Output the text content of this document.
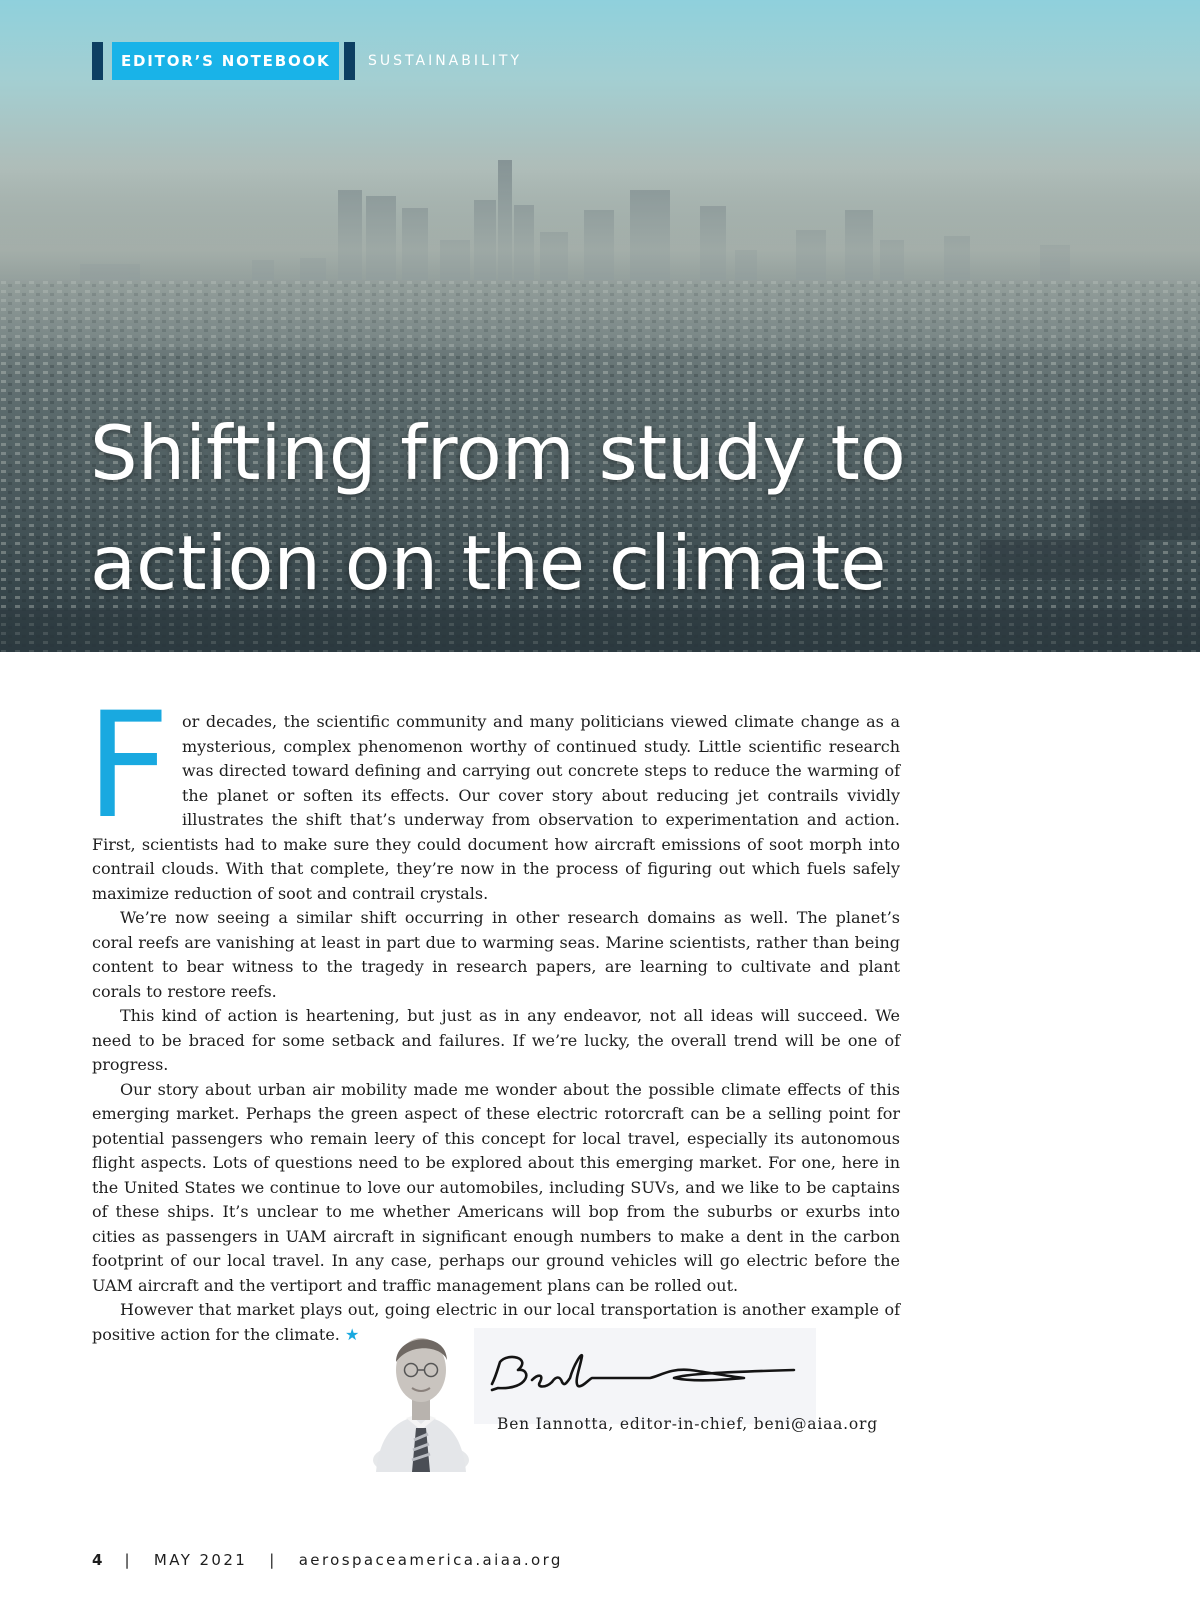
EDITOR’S NOTEBOOK	SUSTAINABILITY
Shifting from study to
action on the climate

For decades, the scientific community and many politicians viewed climate change as a mysterious, complex phenomenon worthy of continued study. Little scientific research was directed toward defining and carrying out concrete steps to reduce the warming of the planet or soften its effects. Our cover story about reducing jet contrails vividly illustrates the shift that’s underway from observation to experimentation and action. First, scientists had to make sure they could document how aircraft emissions of soot morph into contrail clouds. With that complete, they’re now in the process of figuring out which fuels safely maximize reduction of soot and contrail crystals.

We’re now seeing a similar shift occurring in other research domains as well. The planet’s coral reefs are vanishing at least in part due to warming seas. Marine scientists, rather than being content to bear witness to the tragedy in research papers, are learning to cultivate and plant corals to restore reefs.

This kind of action is heartening, but just as in any endeavor, not all ideas will succeed. We need to be braced for some setback and failures. If we’re lucky, the overall trend will be one of progress.

Our story about urban air mobility made me wonder about the possible climate effects of this emerging market. Perhaps the green aspect of these electric rotorcraft can be a selling point for potential passengers who remain leery of this concept for local travel, especially its autonomous flight aspects. Lots of questions need to be explored about this emerging market. For one, here in the United States we continue to love our automobiles, including SUVs, and we like to be captains of these ships. It’s unclear to me whether Americans will bop from the suburbs or exurbs into cities as passengers in UAM aircraft in significant enough numbers to make a dent in the carbon footprint of our local travel. In any case, perhaps our ground vehicles will go electric before the UAM aircraft and the vertiport and traffic management plans can be rolled out.

However that market plays out, going electric in our local transportation is another example of positive action for the climate. ★

Ben Iannotta, editor-in-chief, beni@aiaa.org
4 | MAY 2021 | aerospaceamerica.aiaa.org
